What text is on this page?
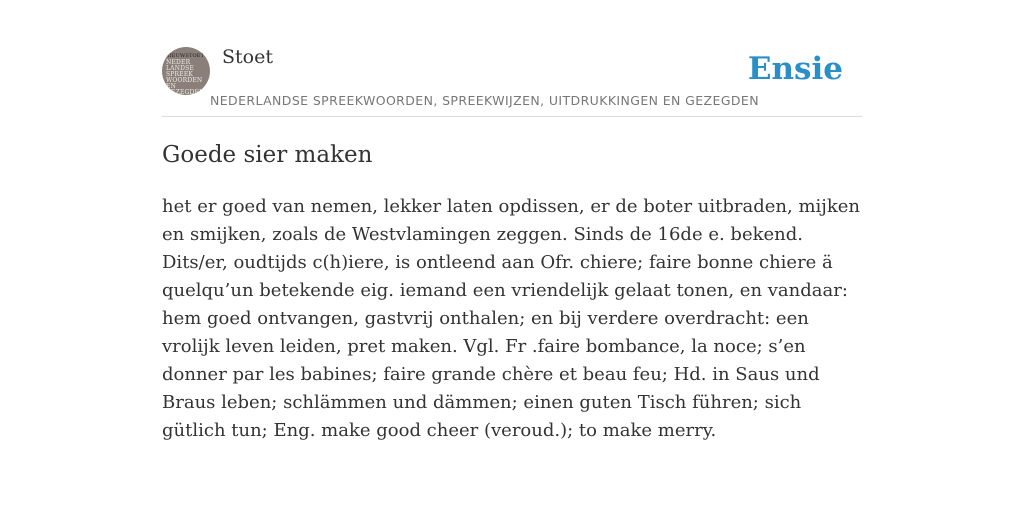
NIEUWSTOET
NEDER
LANDSE
SPREEK
WOORDEN EN
GEZEGDEN
Stoet
NEDERLANDSE SPREEKWOORDEN, SPREEKWIJZEN, UITDRUKKINGEN EN GEZEGDEN
Ensie
Goede sier maken

het er goed van nemen, lekker laten opdissen, er de boter uitbraden, mijken en smijken, zoals de Westvlamingen zeggen. Sinds de 16de e. bekend. Dits/er, oudtijds c(h)iere, is ontleend aan Ofr. chiere; faire bonne chiere ä quelqu’un betekende eig. iemand een vriendelijk gelaat tonen, en vandaar: hem goed ontvangen, gastvrij onthalen; en bij verdere overdracht: een vrolijk leven leiden, pret maken. Vgl. Fr .faire bombance, la noce; s’en donner par les babines; faire grande chère et beau feu; Hd. in Saus und Braus leben; schlämmen und dämmen; einen guten Tisch führen; sich gütlich tun; Eng. make good cheer (veroud.); to make merry.
